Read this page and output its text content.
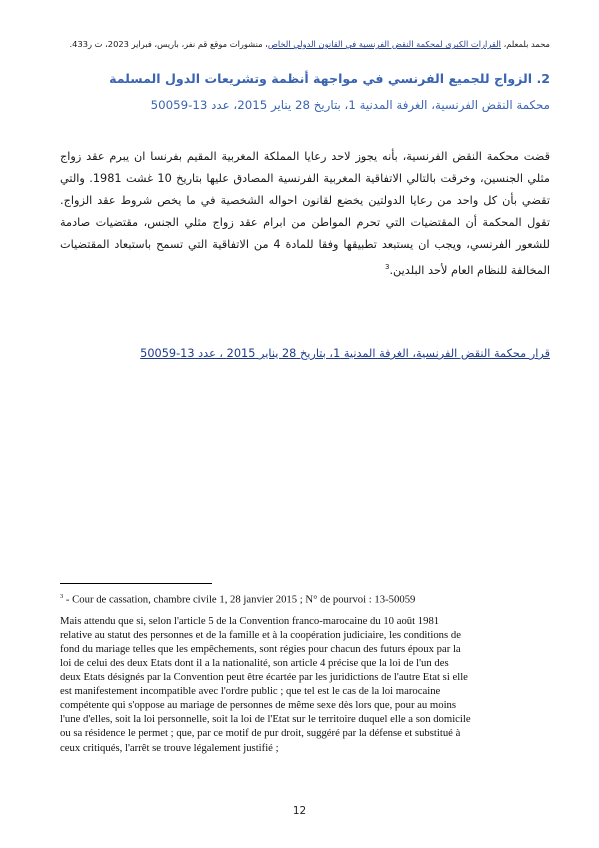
محمد بلمعلم، القرارات الكبرى لمحكمة النقض الفرنسية في القانون الدولي الخاص، منشورات موقع قم نفر، باريس، فبراير 2023، ت ر433.
2. الزواج للجميع الفرنسي في مواجهة أنظمة وتشريعات الدول المسلمة
محكمة النقض الفرنسية، الغرفة المدنية 1، بتاريخ 28 يناير 2015، عدد 13-50059
قضت محكمة النقض الفرنسية، بأنه يجوز لاحد رعايا المملكة المغربية المقيم بفرنسا ان يبرم عقد زواج
مثلي الجنسين، وخرقت بالتالي الاتفاقية المغربية الفرنسية المصادق عليها بتاريخ 10 غشت 1981. والتي
تقضي بأن كل واحد من رعايا الدولتين يخضع لقانون احواله الشخصية في ما يخص شروط عقد الزواج.
تقول المحكمة أن المقتضيات التي تحرم المواطن من ابرام عقد زواج مثلي الجنس، مقتضيات صادمة
للشعور الفرنسي، ويجب ان يستبعد تطبيقها وفقا للمادة 4 من الاتفاقية التي تسمح باستبعاد المقتضيات
المخالفة للنظام العام لأحد البلدين.$^3$
قرار محكمة النقض الفرنسية، الغرفة المدنية 1، بتاريخ 28 يناير 2015 ، عدد 13-50059
$^3$ - Cour de cassation, chambre civile 1, 28 janvier 2015 ; N° de pourvoi : 13-50059
Mais attendu que si, selon l'article 5 de la Convention franco-marocaine du 10 août 1981
relative au statut des personnes et de la famille et à la coopération judiciaire, les conditions de
fond du mariage telles que les empêchements, sont régies pour chacun des futurs époux par la
loi de celui des deux Etats dont il a la nationalité, son article 4 précise que la loi de l'un des
deux Etats désignés par la Convention peut être écartée par les juridictions de l'autre Etat si elle
est manifestement incompatible avec l'ordre public ; que tel est le cas de la loi marocaine
compétente qui s'oppose au mariage de personnes de même sexe dès lors que, pour au moins
l'une d'elles, soit la loi personnelle, soit la loi de l'Etat sur le territoire duquel elle a son domicile
ou sa résidence le permet ; que, par ce motif de pur droit, suggéré par la défense et substitué à
ceux critiqués, l'arrêt se trouve légalement justifié ;
12
